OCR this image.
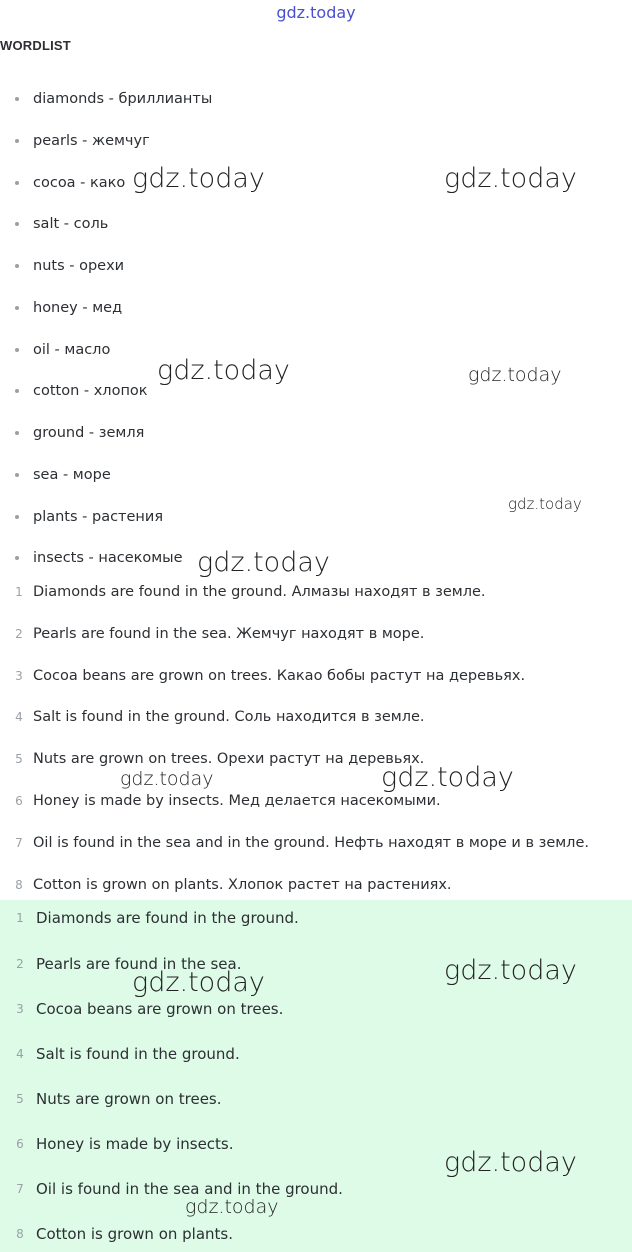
gdz.today
WORDLIST
diamonds - бриллианты
pearls - жемчуг
cocoa - како
salt - соль
nuts - орехи
honey - мед
oil - масло
cotton - хлопок
ground - земля
sea - море
plants - растения
insects - насекомые
1 Diamonds are found in the ground. Алмазы находят в земле.
2 Pearls are found in the sea. Жемчуг находят в море.
3 Cocoa beans are grown on trees. Какао бобы растут на деревьях.
4 Salt is found in the ground. Соль находится в земле.
5 Nuts are grown on trees. Орехи растут на деревьях.
6 Honey is made by insects. Мед делается насекомыми.
7 Oil is found in the sea and in the ground. Нефть находят в море и в земле.
8 Cotton is grown on plants. Хлопок растет на растениях.
1 Diamonds are found in the ground.
2 Pearls are found in the sea.
3 Cocoa beans are grown on trees.
4 Salt is found in the ground.
5 Nuts are grown on trees.
6 Honey is made by insects.
7 Oil is found in the sea and in the ground.
8 Cotton is grown on plants.
gdz.today	gdz.today
gdz.today	gdz.today
gdz.today
gdz.today
gdz.today	gdz.today
gdz.today
gdz.today
gdz.today
gdz.today
